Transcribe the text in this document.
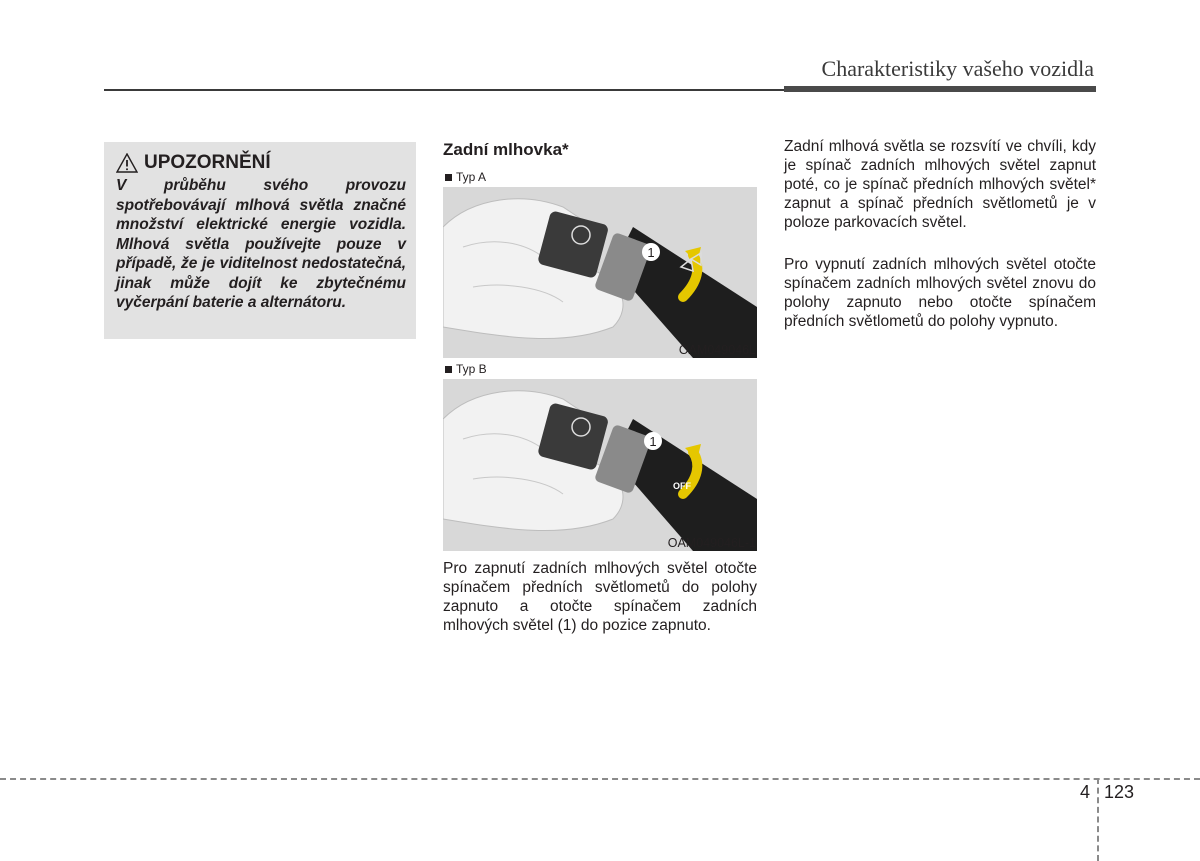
Charakteristiky vašeho vozidla
UPOZORNĚNÍ

V průběhu svého provozu spotřebovávají mlhová světla značné množství elektrické energie vozidla. Mlhová světla používejte pouze v případě, že je viditelnost nedostatečná, jinak může dojít ke zbytečnému vyčerpání baterie a alternátoru.

Zadní mlhovka*
Typ A
1
OAM049046L
Typ B
1
OFF
OAM049046L-1

Pro zapnutí zadních mlhových světel otočte spínačem předních světlometů do polohy zapnuto a otočte spínačem zadních mlhových světel (1) do pozice zapnuto.

Zadní mlhová světla se rozsvítí ve chvíli, kdy je spínač zadních mlhových světel zapnut poté, co je spínač předních mlhových světel* zapnut a spínač předních světlometů je v poloze parkovacích světel.

Pro vypnutí zadních mlhových světel otočte spínačem zadních mlhových světel znovu do polohy zapnuto nebo otočte spínačem předních světlometů do polohy vypnuto.

4 123
